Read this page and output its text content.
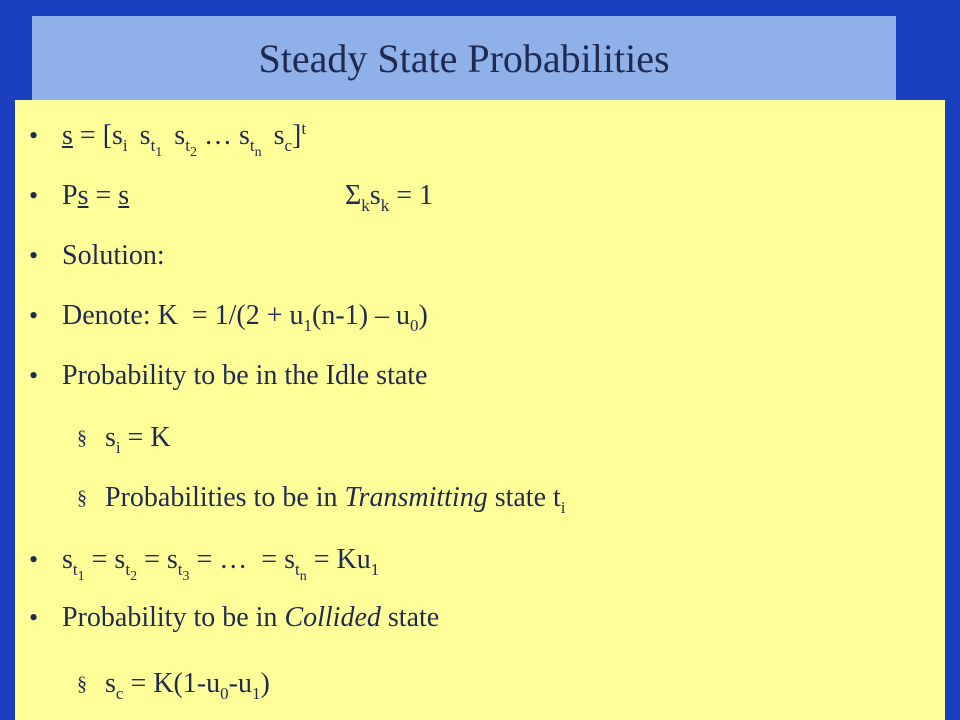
Steady State Probabilities
• $s = [s_i$ $s_{t_1}s_{t_2}$ … $s_{t_n}s_c]^t$
• Ps = s	$\Sigma_ks_k = 1$
• Solution:
• Denote: $K = 1/(2 + u_1(n-1) - u_0)$
• Probability to be in the Idle state
§ $s_i = K$
§ Probabilities to be in Transmitting state $t_i$
• $s_{t_1} = s_{t_2} = s_{t_3}$ = …  = $s_{t_n} = Ku_1$
• Probability to be in Collided state
§ $s_c = K(1-u_0-u_1)$
